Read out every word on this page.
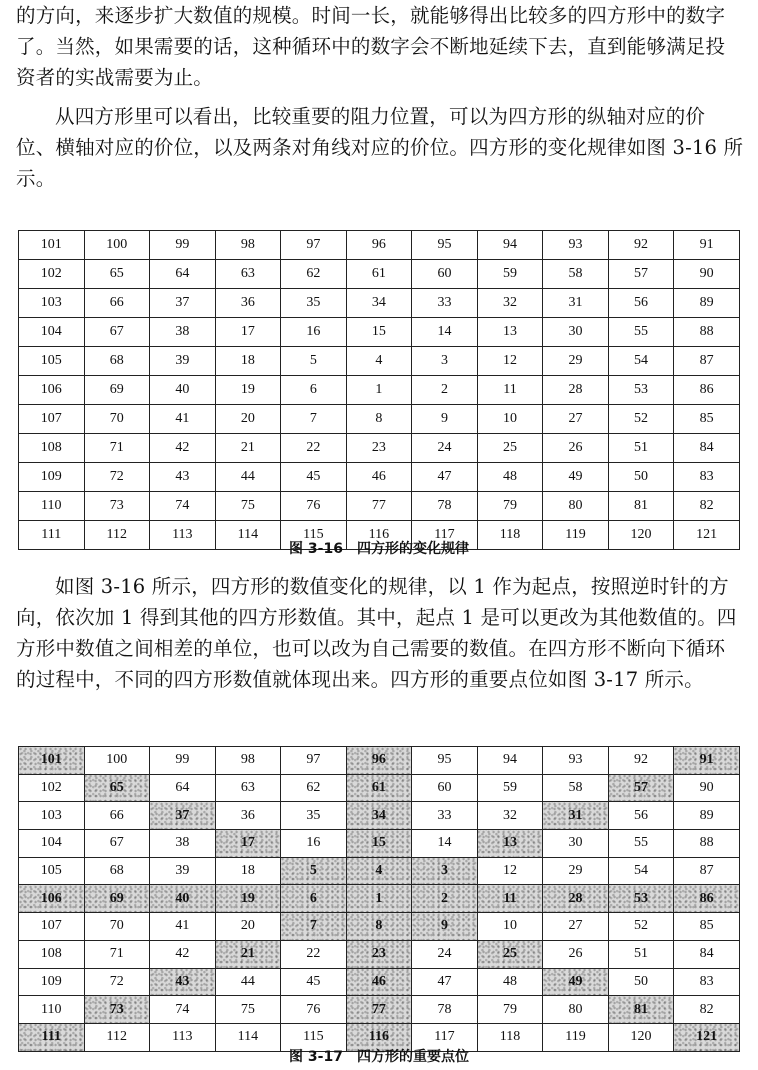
的方向，来逐步扩大数值的规模。时间一长，就能够得出比较多的四方形中的数字了。当然，如果需要的话，这种循环中的数字会不断地延续下去，直到能够满足投资者的实战需要为止。

从四方形里可以看出，比较重要的阻力位置，可以为四方形的纵轴对应的价位、横轴对应的价位，以及两条对角线对应的价位。四方形的变化规律如图 3-16 所示。

101	100	99	98	97	96	95	94	93	92	91
102	65	64	63	62	61	60	59	58	57	90
103	66	37	36	35	34	33	32	31	56	89
104	67	38	17	16	15	14	13	30	55	88
105	68	39	18	5	4	3	12	29	54	87
106	69	40	19	6	1	2	11	28	53	86
107	70	41	20	7	8	9	10	27	52	85
108	71	42	21	22	23	24	25	26	51	84
109	72	43	44	45	46	47	48	49	50	83
110	73	74	75	76	77	78	79	80	81	82
111	112	113	114	115	116	117	118	119	120	121
图 3-16　四方形的变化规律

如图 3-16 所示，四方形的数值变化的规律，以 1 作为起点，按照逆时针的方向，依次加 1 得到其他的四方形数值。其中，起点 1 是可以更改为其他数值的。四方形中数值之间相差的单位，也可以改为自己需要的数值。在四方形不断向下循环的过程中，不同的四方形数值就体现出来。四方形的重要点位如图 3-17 所示。

101	100	99	98	97	96	95	94	93	92	91
102	65	64	63	62	61	60	59	58	57	90
103	66	37	36	35	34	33	32	31	56	89
104	67	38	17	16	15	14	13	30	55	88
105	68	39	18	5	4	3	12	29	54	87
106	69	40	19	6	1	2	11	28	53	86
107	70	41	20	7	8	9	10	27	52	85
108	71	42	21	22	23	24	25	26	51	84
109	72	43	44	45	46	47	48	49	50	83
110	73	74	75	76	77	78	79	80	81	82
111	112	113	114	115	116	117	118	119	120	121
图 3-17　四方形的重要点位
